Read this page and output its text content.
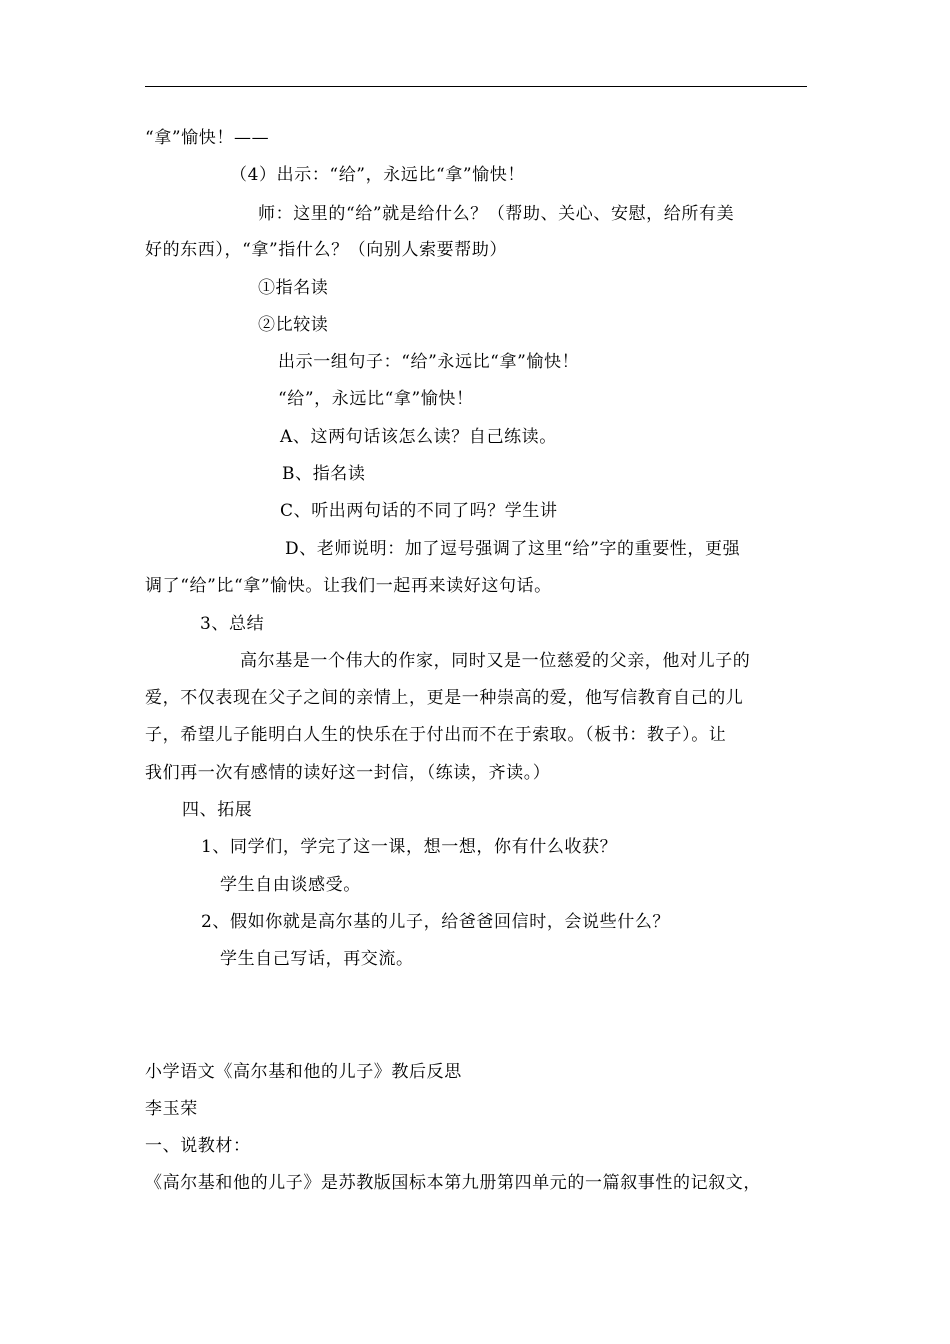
“拿”愉快！——
（4）出示：“给”，永远比“拿”愉快！
师：这里的“给”就是给什么？（帮助、关心、安慰，给所有美
好的东西），“拿”指什么？（向别人索要帮助）
①指名读
②比较读
出示一组句子：“给”永远比“拿”愉快！
“给”，永远比“拿”愉快！
A、这两句话该怎么读？自己练读。
B、指名读
C、听出两句话的不同了吗？学生讲
D、老师说明：加了逗号强调了这里“给”字的重要性，更强
调了“给”比“拿”愉快。让我们一起再来读好这句话。
3、总结
高尔基是一个伟大的作家，同时又是一位慈爱的父亲，他对儿子的
爱，不仅表现在父子之间的亲情上，更是一种崇高的爱，他写信教育自己的儿
子，希望儿子能明白人生的快乐在于付出而不在于索取。（板书：教子）。让
我们再一次有感情的读好这一封信，（练读，齐读。）
四、拓展
1、同学们，学完了这一课，想一想，你有什么收获？
学生自由谈感受。
2、假如你就是高尔基的儿子，给爸爸回信时，会说些什么？
学生自己写话，再交流。
小学语文《高尔基和他的儿子》教后反思
李玉荣
一、说教材：
《高尔基和他的儿子》是苏教版国标本第九册第四单元的一篇叙事性的记叙文，
